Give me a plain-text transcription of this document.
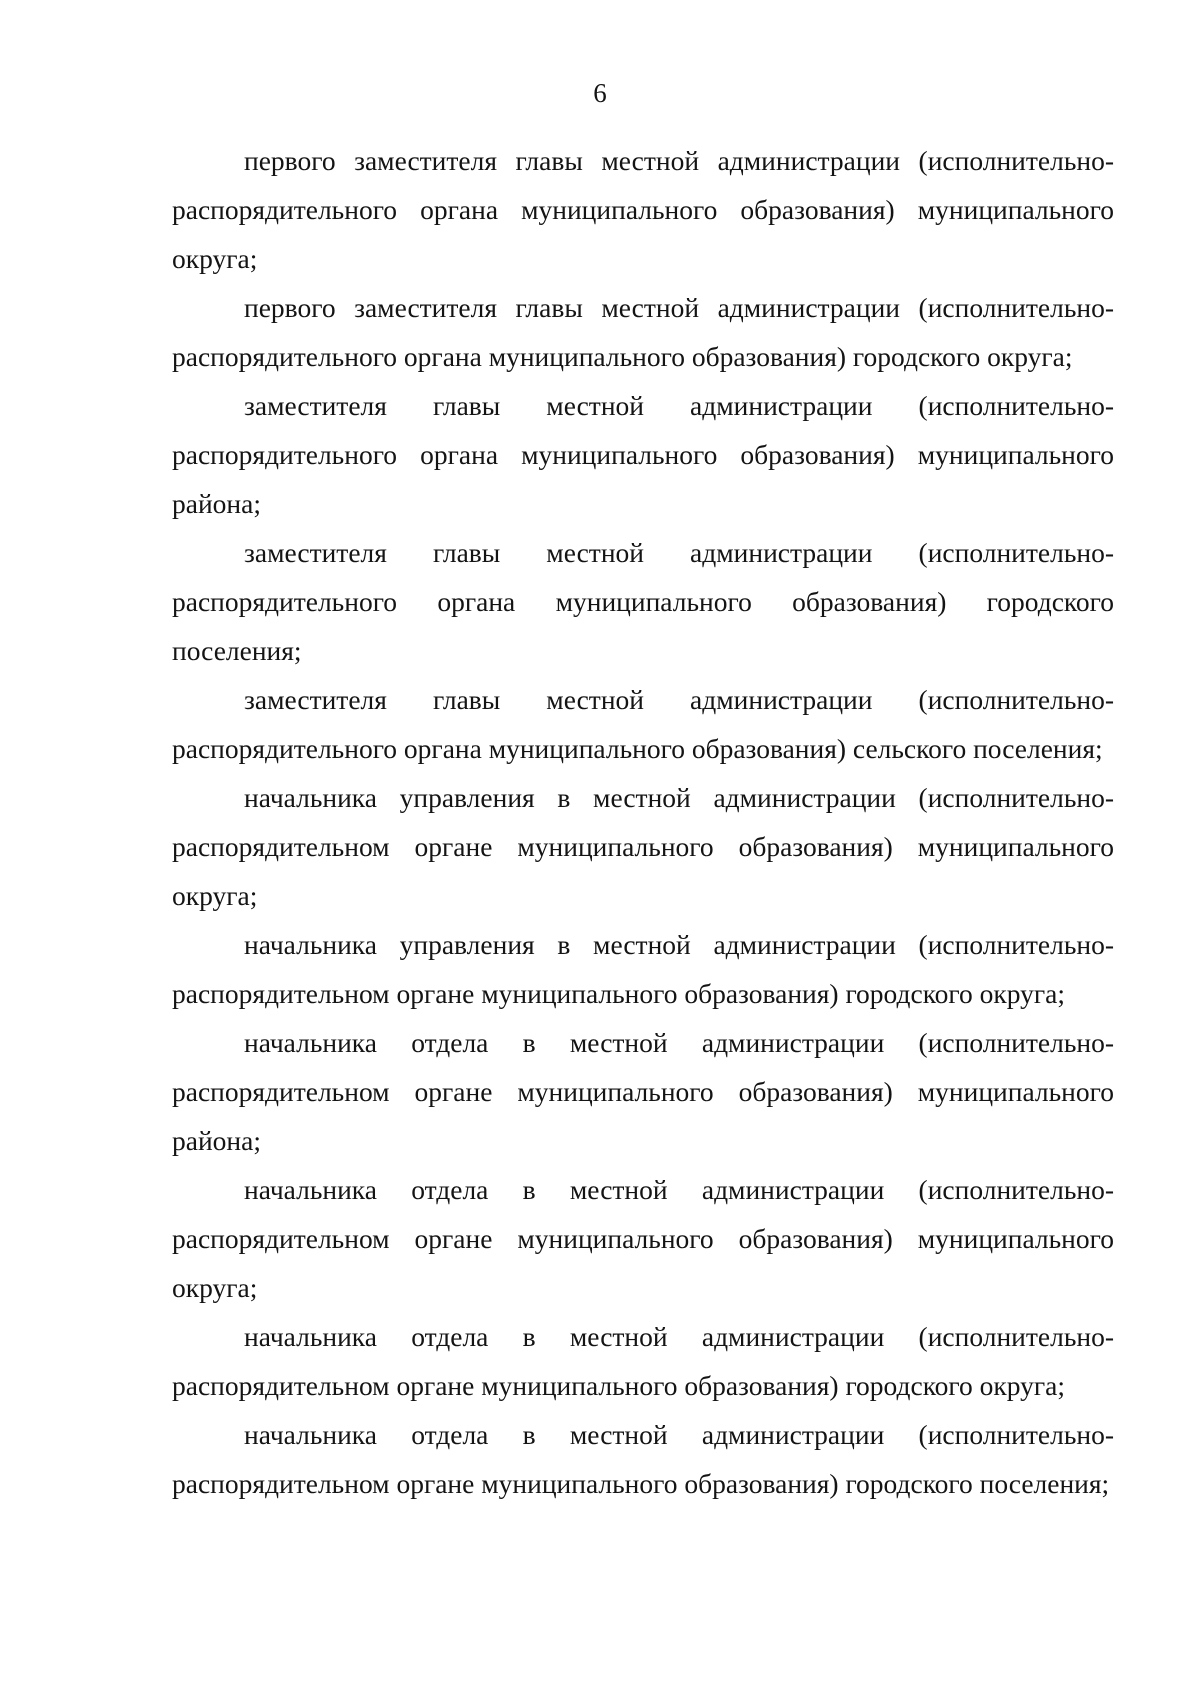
6

первого заместителя главы местной администрации (исполнительно-распорядительного органа муниципального образования) муниципального округа;

первого заместителя главы местной администрации (исполнительно-распорядительного органа муниципального образования) городского округа;

заместителя главы местной администрации (исполнительно-распорядительного органа муниципального образования) муниципального района;

заместителя главы местной администрации (исполнительно-распорядительного органа муниципального образования) городского поселения;

заместителя главы местной администрации (исполнительно-распорядительного органа муниципального образования) сельского поселения;

начальника управления в местной администрации (исполнительно-распорядительном органе муниципального образования) муниципального округа;

начальника управления в местной администрации (исполнительно-распорядительном органе муниципального образования) городского округа;

начальника отдела в местной администрации (исполнительно-распорядительном органе муниципального образования) муниципального района;

начальника отдела в местной администрации (исполнительно-распорядительном органе муниципального образования) муниципального округа;

начальника отдела в местной администрации (исполнительно-распорядительном органе муниципального образования) городского округа;

начальника отдела в местной администрации (исполнительно-распорядительном органе муниципального образования) городского поселения;
